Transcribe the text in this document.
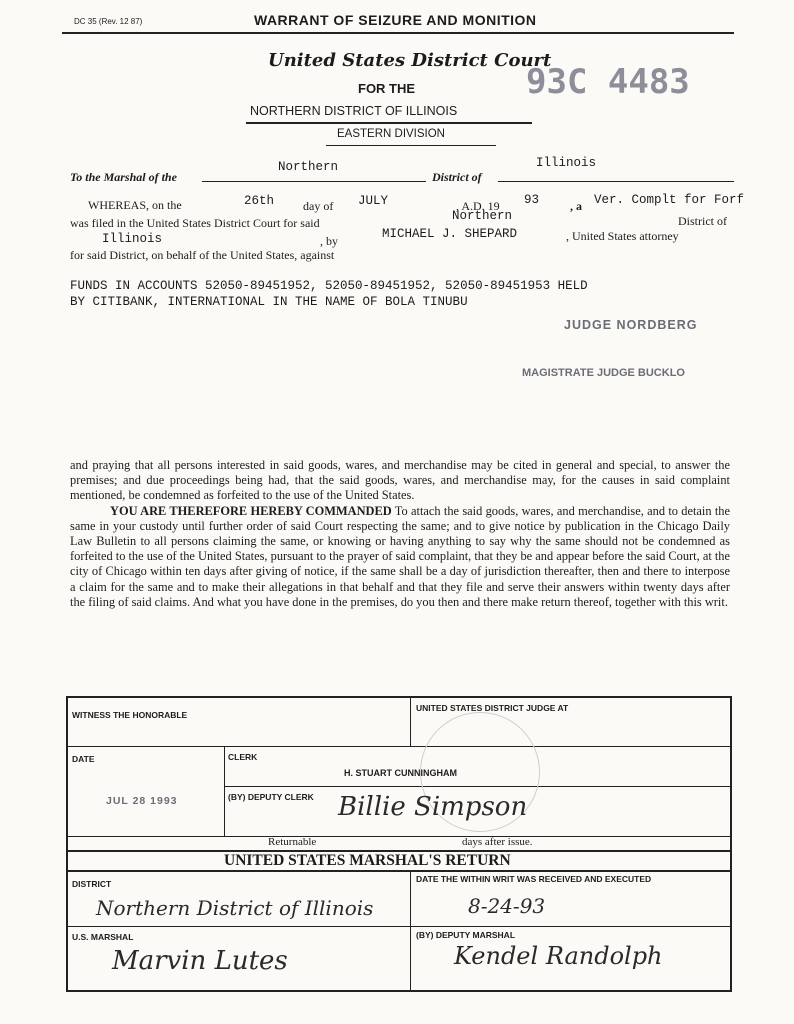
DC 35 (Rev. 12 87)	WARRANT OF SEIZURE AND MONITION
United States District Court
FOR THE
NORTHERN DISTRICT OF ILLINOIS
EASTERN DIVISION
93C 4483
To the Marshal of the
Northern
District of
Illinois
WHEREAS, on the	26th day of JULY	, A.D. 19 93	, a Ver. Complt for Forf
was filed in the United States District Court for said	Northern	District of
Illinois	, by	MICHAEL J. SHEPARD	, United States attorney
for said District, on behalf of the United States, against
FUNDS IN ACCOUNTS 52050-89451952, 52050-89451952, 52050-89451953 HELD
BY CITIBANK, INTERNATIONAL IN THE NAME OF BOLA TINUBU
JUDGE NORDBERG
MAGISTRATE JUDGE BUCKLO

and praying that all persons interested in said goods, wares, and merchandise may be cited in general and special, to answer the premises; and due proceedings being had, that the said goods, wares, and merchandise may, for the causes in said complaint mentioned, be condemned as forfeited to the use of the United States.

YOU ARE THEREFORE HEREBY COMMANDED To attach the said goods, wares, and merchandise, and to detain the same in your custody until further order of said Court respecting the same; and to give notice by publication in the Chicago Daily Law Bulletin to all persons claiming the same, or knowing or having anything to say why the same should not be condemned as forfeited to the use of the United States, pursuant to the prayer of said complaint, that they be and appear before the said Court, at the city of Chicago within ten days after giving of notice, if the same shall be a day of jurisdiction thereafter, then and there to interpose a claim for the same and to make their allegations in that behalf and that they file and serve their answers within twenty days after the filing of said claims. And what you have done in the premises, do you then and there make return thereof, together with this writ.

WITNESS THE HONORABLE
UNITED STATES DISTRICT JUDGE AT
DATE
JUL 28 1993
CLERK
H. STUART CUNNINGHAM
(BY) DEPUTY CLERK Billie Simpson
Returnable	days after issue.
UNITED STATES MARSHAL'S RETURN
DISTRICT
Northern District of Illinois
DATE THE WITHIN WRIT WAS RECEIVED AND EXECUTED
8-24-93
U.S. MARSHAL
Marvin Lutes
(BY) DEPUTY MARSHAL
Kendel Randolph
